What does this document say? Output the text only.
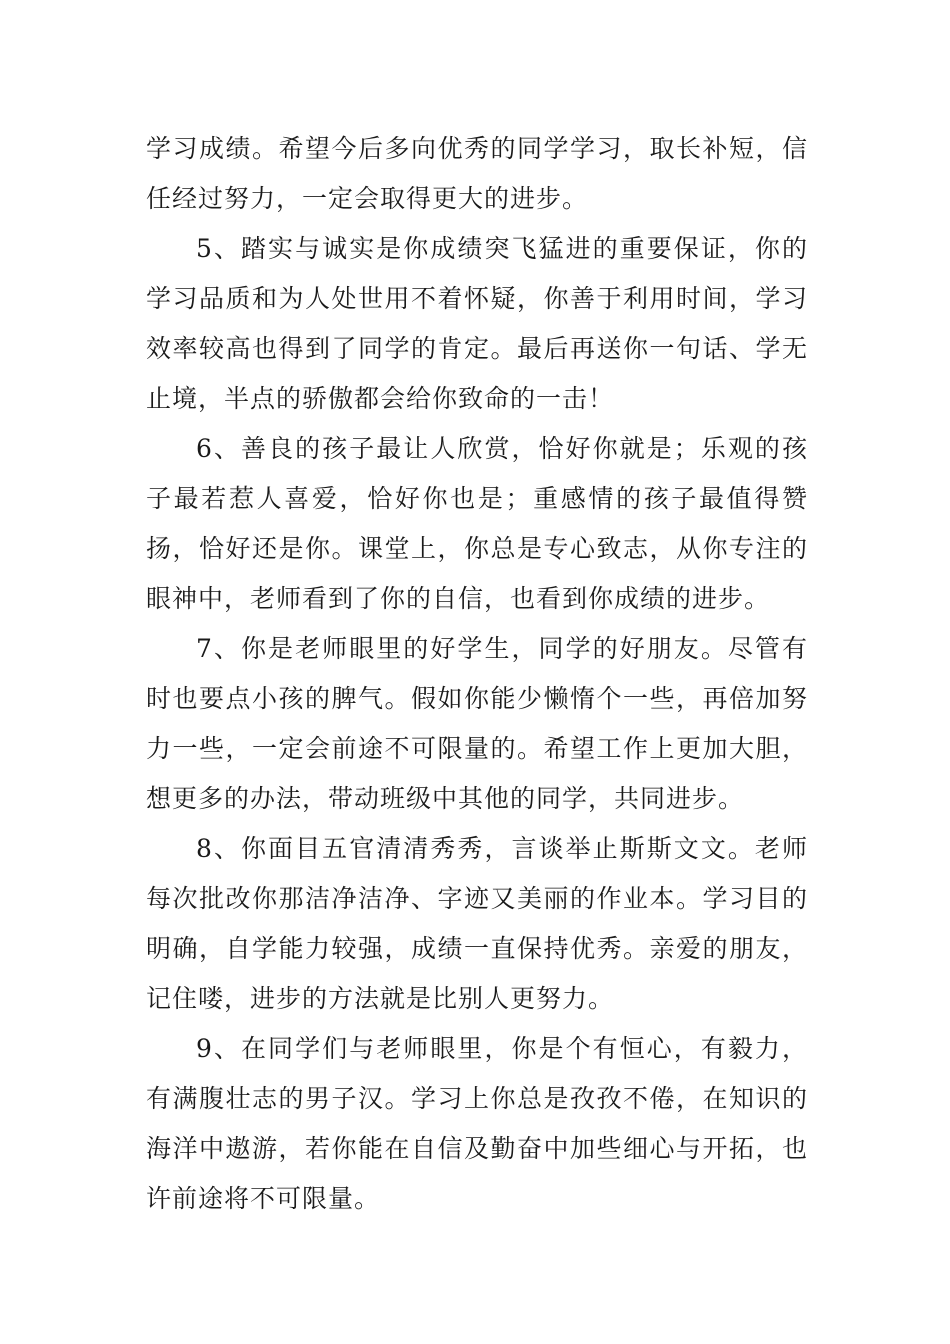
学习成绩。希望今后多向优秀的同学学习，取长补短，信任经过努力，一定会取得更大的进步。

5、踏实与诚实是你成绩突飞猛进的重要保证，你的学习品质和为人处世用不着怀疑，你善于利用时间，学习效率较高也得到了同学的肯定。最后再送你一句话、学无止境，半点的骄傲都会给你致命的一击！

6、善良的孩子最让人欣赏，恰好你就是；乐观的孩子最若惹人喜爱，恰好你也是；重感情的孩子最值得赞扬，恰好还是你。课堂上，你总是专心致志，从你专注的眼神中，老师看到了你的自信，也看到你成绩的进步。

7、你是老师眼里的好学生，同学的好朋友。尽管有时也要点小孩的脾气。假如你能少懒惰个一些，再倍加努力一些，一定会前途不可限量的。希望工作上更加大胆，想更多的办法，带动班级中其他的同学，共同进步。

8、你面目五官清清秀秀，言谈举止斯斯文文。老师每次批改你那洁净洁净、字迹又美丽的作业本。学习目的明确，自学能力较强，成绩一直保持优秀。亲爱的朋友，记住喽，进步的方法就是比别人更努力。

9、在同学们与老师眼里，你是个有恒心，有毅力，有满腹壮志的男子汉。学习上你总是孜孜不倦，在知识的海洋中遨游，若你能在自信及勤奋中加些细心与开拓，也许前途将不可限量。
